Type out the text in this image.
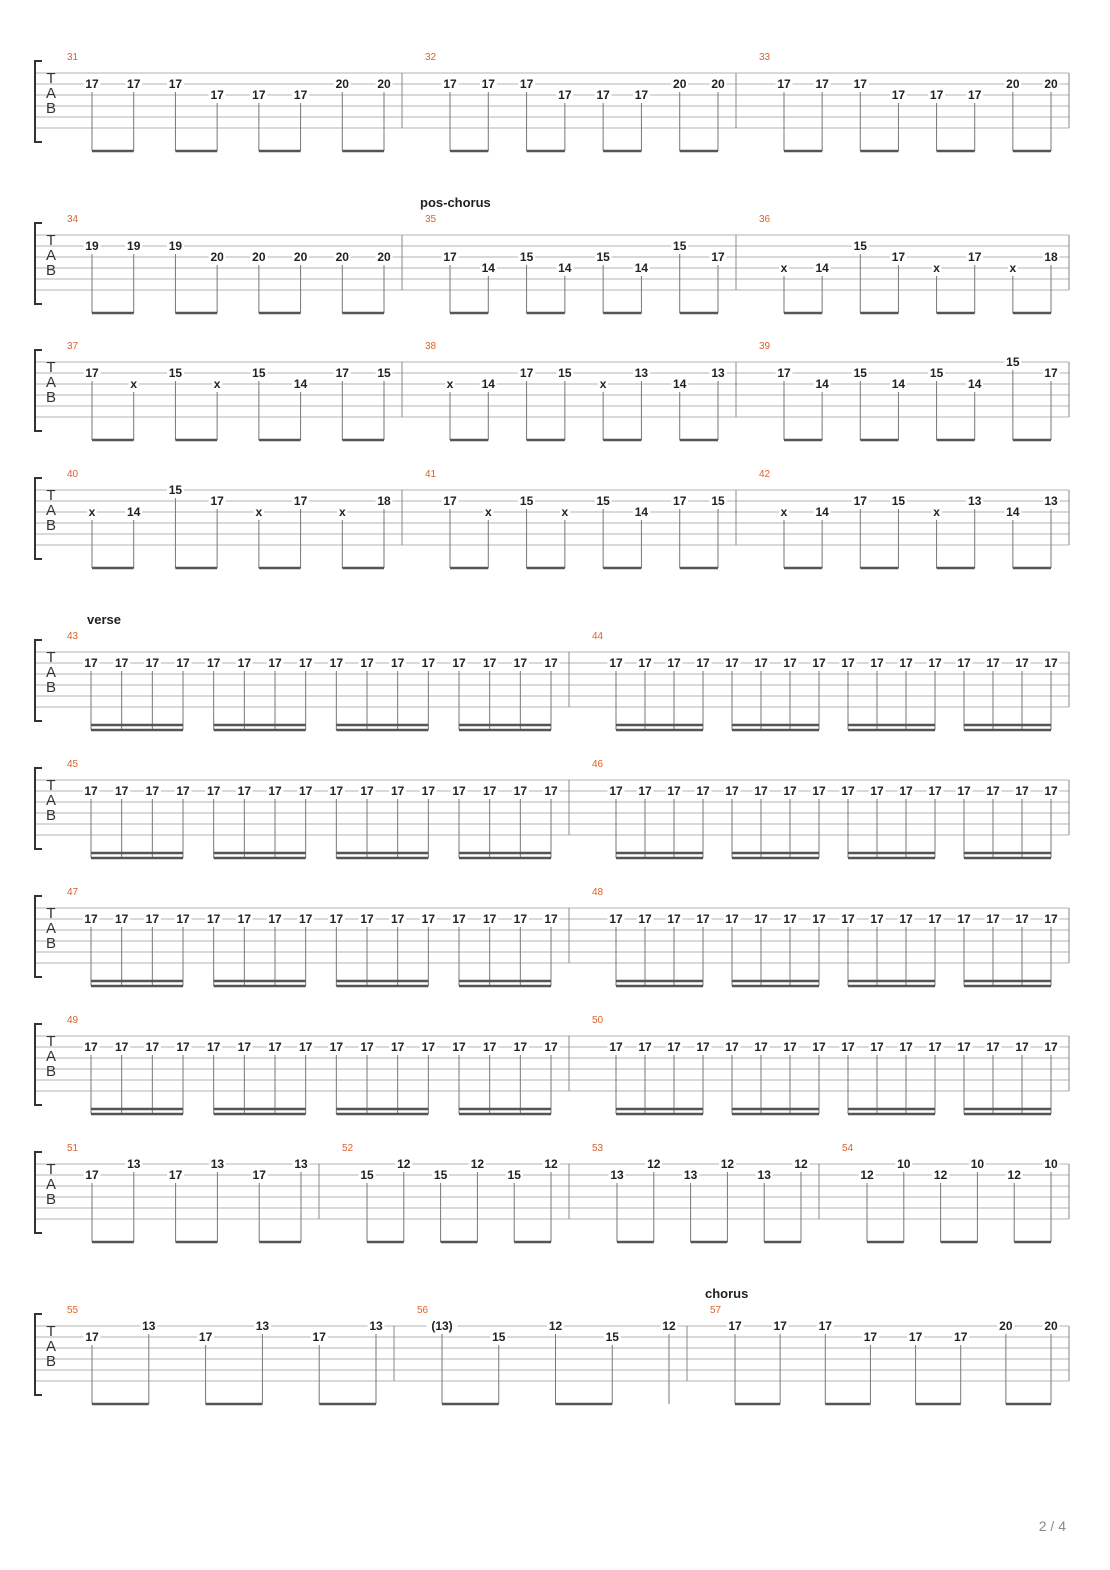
T
A
B
31
17 17 17
17 17 17
20 20
32
17 17 17
17 17 17
20 20
33
17 17 17
17 17 17
20 20
pos-chorus
T
A
B
34
19 19 19
20 20 20 20 20
35
17
14
15
14
15
14
15
17
36
x 14
15
17
x
17
x
18
T
A
B
37
17
x
15
x
15
14
17 15
38
x 14
17 15
x
13
14
13
39
17
14
15
14
15
14
15
17
T
A
B
40
x	14
15
17
x
17
x
18
41
17
x
15
x
15
14
17 15
42
x 14
17 15
x
13
14
13
verse
T
A
B
43
17 17 17 17 17 17 17 17 17 17 17 17 17 17 17 17
44
17 17 17 17 17 17 17 17 17 17 17 17 17 17 17 17
T
A
B
45
17 17 17 17 17 17 17 17 17 17 17 17 17 17 17 17
46
17 17 17 17 17 17 17 17 17 17 17 17 17 17 17 17
T
A
B
47
17 17 17 17 17 17 17 17 17 17 17 17 17 17 17 17
48
17 17 17 17 17 17 17 17 17 17 17 17 17 17 17 17
T
A
B
49
17 17 17 17 17 17 17 17 17 17 17 17 17 17 17 17
50
17 17 17 17 17 17 17 17 17 17 17 17 17 17 17 17
T
A
B
51
17
13
17
13
17
13
52
15
12
15
12
15
12
53
13
12
13
12
13
12
54
12
10
12
10
12
10
chorus
T
A
B
55
17
13
17
13
17
13
56
(13)
15
12
15
12
57
17	17	17
17	17	17
20	20
2 / 4
